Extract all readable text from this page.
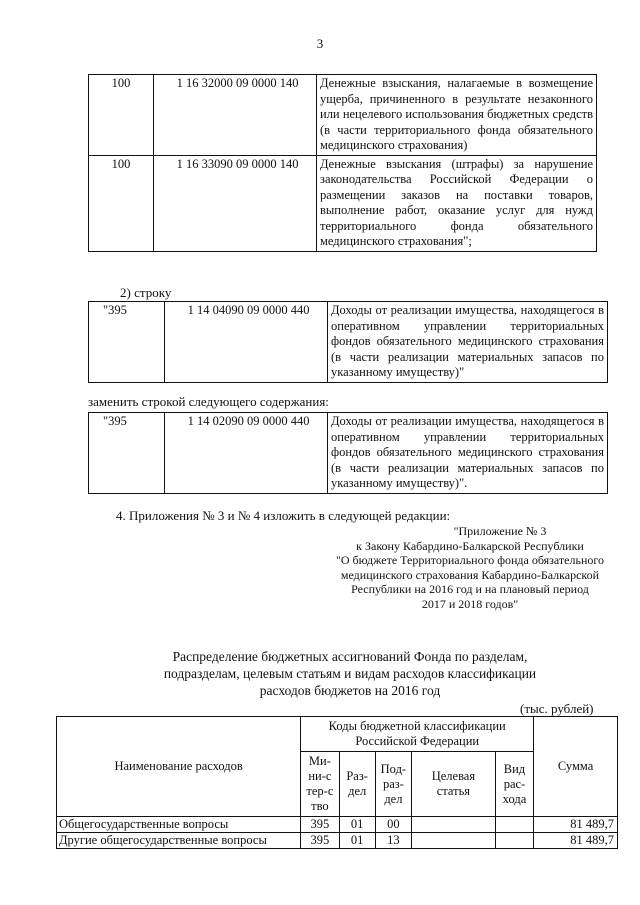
3
100	1 16 32000 09 0000 140	Денежные взыскания, налагаемые в возмещение ущерба, причиненного в результате незаконного или нецелевого использования бюджетных средств (в части территориального фонда обязательного медицинского страхования)
100	1 16 33090 09 0000 140	Денежные взыскания (штрафы) за нарушение законодательства Российской Федерации о размещении заказов на поставки товаров, выполнение работ, оказание услуг для нужд территориального фонда обязательного медицинского страхования";
2) строку
"395	1 14 04090 09 0000 440	Доходы от реализации имущества, находящегося в оперативном управлении территориальных фондов обязательного медицинского страхования (в части реализации материальных запасов по указанному имуществу)"
заменить строкой следующего содержания:
"395	1 14 02090 09 0000 440	Доходы от реализации имущества, находящегося в оперативном управлении территориальных фондов обязательного медицинского страхования (в части реализации материальных запасов по указанному имуществу)".
4. Приложения № 3 и № 4 изложить в следующей редакции:
"Приложение № 3
к Закону Кабардино-Балкарской Республики
"О бюджете Территориального фонда обязательного
медицинского страхования Кабардино-Балкарской
Республики на 2016 год и на плановый период
2017 и 2018 годов"
Распределение бюджетных ассигнований Фонда по разделам,
подразделам, целевым статьям и видам расходов классификации
расходов бюджетов на 2016 год
(тыс. рублей)
Наименование расходов	Коды бюджетной классификации Российской Федерации					Сумма

	Ми-ни-стер-ство	Раз-дел	Под-раз-дел	Целевая статья	Вид рас-хода	

Общегосударственные вопросы	395	01	00			81 489,7
Другие общегосударственные вопросы	395	01	13			81 489,7
